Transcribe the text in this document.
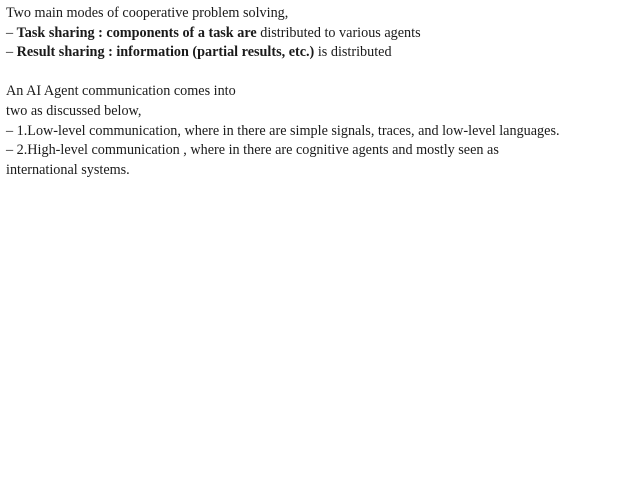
Two main modes of cooperative problem solving,
– Task sharing : components of a task are distributed to various agents
– Result sharing : information (partial results, etc.) is distributed
An AI Agent communication comes into
two as discussed below,
– 1.Low-level communication, where in there are simple signals, traces, and low-level languages.
– 2.High-level communication , where in there are cognitive agents and mostly seen as
international systems.
